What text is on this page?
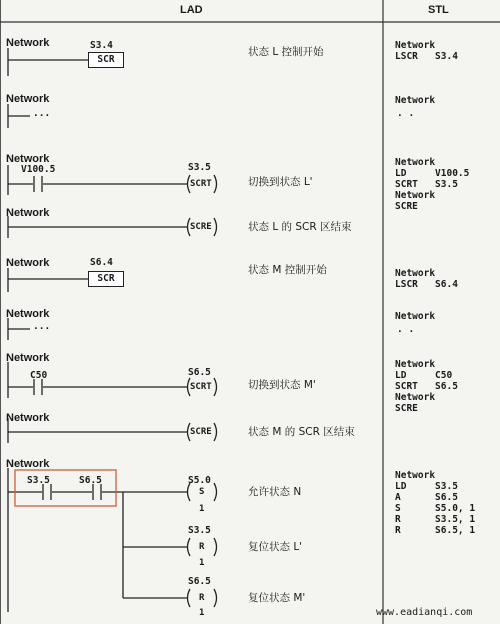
LAD	STL
Network	S3.4
SCR
状态 L 控制开始
Network
LSCR   S3.4
Network
...
Network
. .
Network
V100.5	S3.5
SCRT	切换到状态 L'
Network
LD     V100.5
SCRT   S3.5
Network
SCRE
Network
SCRE	状态 L 的 SCR 区结束
Network	S6.4
SCR
状态 M 控制开始	Network
LSCR   S6.4
Network
...
Network
. .
Network
C50	S6.5
SCRT	切换到状态 M'
Network
LD     C50
SCRT   S6.5
Network
SCRE
Network
SCRE	状态 M 的 SCR 区结束
Network
S3.5	S6.5	S5.0
S
1
允许状态 N
S3.5
R
1
复位状态 L'
S6.5
R
1
复位状态 M'
Network
LD     S3.5
A      S6.5
S      S5.0, 1
R      S3.5, 1
R      S6.5, 1
www.eadianqi.com
